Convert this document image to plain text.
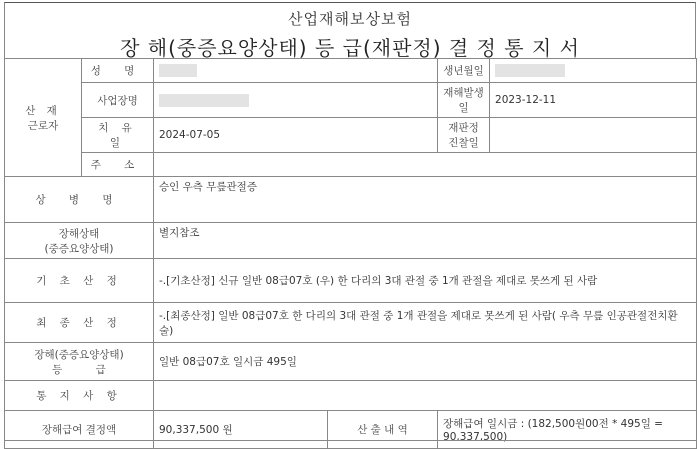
산업재해보상보험
장 해(중증요양상태) 등 급(재판정) 결 정 통 지 서
산 재
근로자	성 명			생년월일	
	사업장명			재해발생일	2023-12-11
	치 유 일	2024-07-05		재판정 진찰일	
	주 소				
상 병 명		승인 우측 무릎관절증			

장해상태
(중증요양상태)		별지참조			
기 초 산 정		-.[기초산정] 신규 일반 08급07호 (우) 한 다리의 3대 관절 중 1개 관절을 제대로 못쓰게 된 사람			
최 종 산 정		-.[최종산정] 일반 08급07호 한 다리의 3대 관절 중 1개 관절을 제대로 못쓰게 된 사람( 우측 무릎 인공관절전치환술)			

장해(중증요양상태)
등          급		일반 08급07호 일시금 495일			
통 지 사 항					
장해급여 결정액		90,337,500 원	산 출 내 역	장해급여 일시금 : (182,500원00전 * 495일 = 90,337,500)	
